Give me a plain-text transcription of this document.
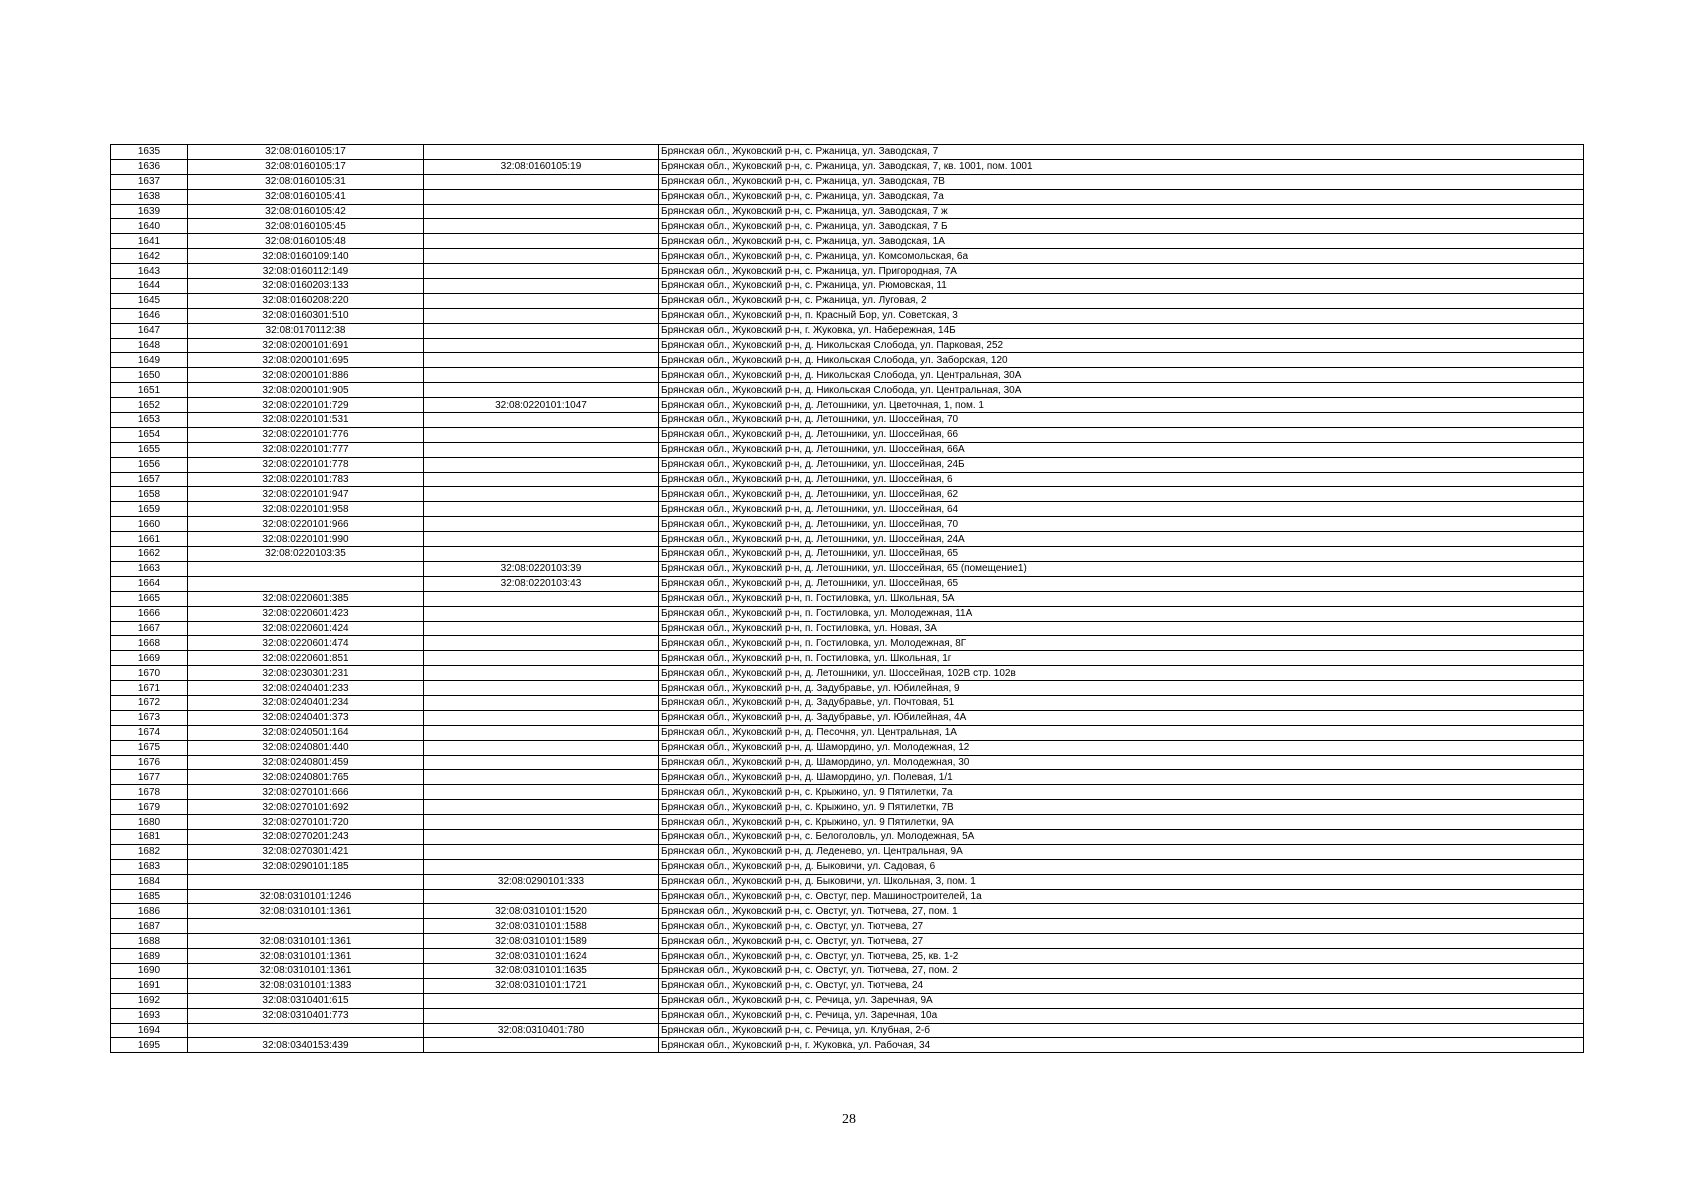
1635	32:08:0160105:17		Брянская обл., Жуковский р-н, с. Ржаница, ул. Заводская, 7
1636	32:08:0160105:17	32:08:0160105:19	Брянская обл., Жуковский р-н, с. Ржаница, ул. Заводская, 7, кв. 1001, пом. 1001
1637	32:08:0160105:31		Брянская обл., Жуковский р-н, с. Ржаница, ул. Заводская, 7В
1638	32:08:0160105:41		Брянская обл., Жуковский р-н, с. Ржаница, ул. Заводская, 7а
1639	32:08:0160105:42		Брянская обл., Жуковский р-н, с. Ржаница, ул. Заводская, 7 ж
1640	32:08:0160105:45		Брянская обл., Жуковский р-н, с. Ржаница, ул. Заводская, 7 Б
1641	32:08:0160105:48		Брянская обл., Жуковский р-н, с. Ржаница, ул. Заводская, 1А
1642	32:08:0160109:140		Брянская обл., Жуковский р-н, с. Ржаница, ул. Комсомольская, 6а
1643	32:08:0160112:149		Брянская обл., Жуковский р-н, с. Ржаница, ул. Пригородная, 7А
1644	32:08:0160203:133		Брянская обл., Жуковский р-н, с. Ржаница, ул. Рюмовская, 11
1645	32:08:0160208:220		Брянская обл., Жуковский р-н, с. Ржаница, ул. Луговая, 2
1646	32:08:0160301:510		Брянская обл., Жуковский р-н, п. Красный Бор, ул. Советская, 3
1647	32:08:0170112:38		Брянская обл., Жуковский р-н, г. Жуковка, ул. Набережная, 14Б
1648	32:08:0200101:691		Брянская обл., Жуковский р-н, д. Никольская Слобода, ул. Парковая, 252
1649	32:08:0200101:695		Брянская обл., Жуковский р-н, д. Никольская Слобода, ул. Заборская, 120
1650	32:08:0200101:886		Брянская обл., Жуковский р-н, д. Никольская Слобода, ул. Центральная, 30А
1651	32:08:0200101:905		Брянская обл., Жуковский р-н, д. Никольская Слобода, ул. Центральная, 30А
1652	32:08:0220101:729	32:08:0220101:1047	Брянская обл., Жуковский р-н, д. Летошники, ул. Цветочная, 1, пом. 1
1653	32:08:0220101:531		Брянская обл., Жуковский р-н, д. Летошники, ул. Шоссейная, 70
1654	32:08:0220101:776		Брянская обл., Жуковский р-н, д. Летошники, ул. Шоссейная, 66
1655	32:08:0220101:777		Брянская обл., Жуковский р-н, д. Летошники, ул. Шоссейная, 66А
1656	32:08:0220101:778		Брянская обл., Жуковский р-н, д. Летошники, ул. Шоссейная, 24Б
1657	32:08:0220101:783		Брянская обл., Жуковский р-н, д. Летошники, ул. Шоссейная, 6
1658	32:08:0220101:947		Брянская обл., Жуковский р-н, д. Летошники, ул. Шоссейная, 62
1659	32:08:0220101:958		Брянская обл., Жуковский р-н, д. Летошники, ул. Шоссейная, 64
1660	32:08:0220101:966		Брянская обл., Жуковский р-н, д. Летошники, ул. Шоссейная, 70
1661	32:08:0220101:990		Брянская обл., Жуковский р-н, д. Летошники, ул. Шоссейная, 24А
1662	32:08:0220103:35		Брянская обл., Жуковский р-н, д. Летошники, ул. Шоссейная, 65
1663		32:08:0220103:39	Брянская обл., Жуковский р-н, д. Летошники, ул. Шоссейная, 65 (помещение1)
1664		32:08:0220103:43	Брянская обл., Жуковский р-н, д. Летошники, ул. Шоссейная, 65
1665	32:08:0220601:385		Брянская обл., Жуковский р-н, п. Гостиловка, ул. Школьная, 5А
1666	32:08:0220601:423		Брянская обл., Жуковский р-н, п. Гостиловка, ул. Молодежная, 11А
1667	32:08:0220601:424		Брянская обл., Жуковский р-н, п. Гостиловка, ул. Новая, 3А
1668	32:08:0220601:474		Брянская обл., Жуковский р-н, п. Гостиловка, ул. Молодежная, 8Г
1669	32:08:0220601:851		Брянская обл., Жуковский р-н, п. Гостиловка, ул. Школьная, 1г
1670	32:08:0230301:231		Брянская обл., Жуковский р-н, д. Летошники, ул. Шоссейная, 102В стр. 102в
1671	32:08:0240401:233		Брянская обл., Жуковский р-н, д. Задубравье, ул. Юбилейная, 9
1672	32:08:0240401:234		Брянская обл., Жуковский р-н, д. Задубравье, ул. Почтовая, 51
1673	32:08:0240401:373		Брянская обл., Жуковский р-н, д. Задубравье, ул. Юбилейная, 4А
1674	32:08:0240501:164		Брянская обл., Жуковский р-н, д. Песочня, ул. Центральная, 1А
1675	32:08:0240801:440		Брянская обл., Жуковский р-н, д. Шамордино, ул. Молодежная, 12
1676	32:08:0240801:459		Брянская обл., Жуковский р-н, д. Шамордино, ул. Молодежная, 30
1677	32:08:0240801:765		Брянская обл., Жуковский р-н, д. Шамордино, ул. Полевая, 1/1
1678	32:08:0270101:666		Брянская обл., Жуковский р-н, с. Крыжино, ул. 9 Пятилетки, 7а
1679	32:08:0270101:692		Брянская обл., Жуковский р-н, с. Крыжино, ул. 9 Пятилетки, 7В
1680	32:08:0270101:720		Брянская обл., Жуковский р-н, с. Крыжино, ул. 9 Пятилетки, 9А
1681	32:08:0270201:243		Брянская обл., Жуковский р-н, с. Белоголовль, ул. Молодежная, 5А
1682	32:08:0270301:421		Брянская обл., Жуковский р-н, д. Леденево, ул. Центральная, 9А
1683	32:08:0290101:185		Брянская обл., Жуковский р-н, д. Быковичи, ул. Садовая, 6
1684		32:08:0290101:333	Брянская обл., Жуковский р-н, д. Быковичи, ул. Школьная, 3, пом. 1
1685	32:08:0310101:1246		Брянская обл., Жуковский р-н, с. Овстуг, пер. Машиностроителей, 1а
1686	32:08:0310101:1361	32:08:0310101:1520	Брянская обл., Жуковский р-н, с. Овстуг, ул. Тютчева, 27, пом. 1
1687		32:08:0310101:1588	Брянская обл., Жуковский р-н, с. Овстуг, ул. Тютчева, 27
1688	32:08:0310101:1361	32:08:0310101:1589	Брянская обл., Жуковский р-н, с. Овстуг, ул. Тютчева, 27
1689	32:08:0310101:1361	32:08:0310101:1624	Брянская обл., Жуковский р-н, с. Овстуг, ул. Тютчева, 25, кв. 1-2
1690	32:08:0310101:1361	32:08:0310101:1635	Брянская обл., Жуковский р-н, с. Овстуг, ул. Тютчева, 27, пом. 2
1691	32:08:0310101:1383	32:08:0310101:1721	Брянская обл., Жуковский р-н, с. Овстуг, ул. Тютчева, 24
1692	32:08:0310401:615		Брянская обл., Жуковский р-н, с. Речица, ул. Заречная, 9А
1693	32:08:0310401:773		Брянская обл., Жуковский р-н, с. Речица, ул. Заречная, 10а
1694		32:08:0310401:780	Брянская обл., Жуковский р-н, с. Речица, ул. Клубная, 2-б
1695	32:08:0340153:439		Брянская обл., Жуковский р-н, г. Жуковка, ул. Рабочая, 34
28
